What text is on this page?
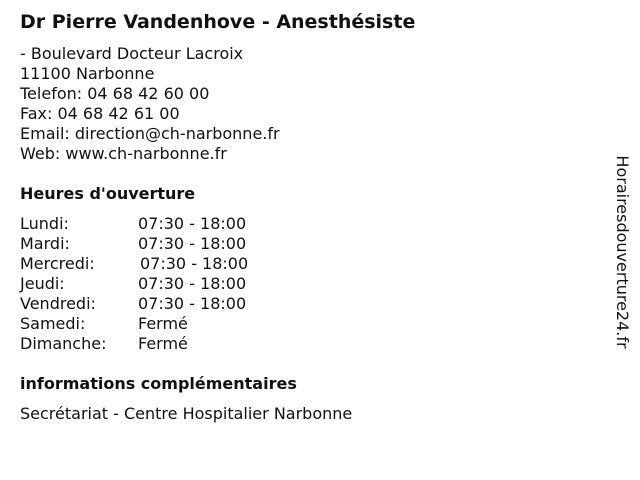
Dr Pierre Vandenhove - Anesthésiste
- Boulevard Docteur Lacroix
11100 Narbonne
Telefon: 04 68 42 60 00
Fax: 04 68 42 61 00
Email: direction@ch-narbonne.fr
Web: www.ch-narbonne.fr
Heures d'ouverture
Lundi:	07:30 - 18:00
Mardi:	07:30 - 18:00
Mercredi:	07:30 - 18:00
Jeudi:	07:30 - 18:00
Vendredi:	07:30 - 18:00
Samedi:	Fermé
Dimanche: Fermé
informations complémentaires
Secrétariat - Centre Hospitalier Narbonne
Horairesdouverture24.fr
